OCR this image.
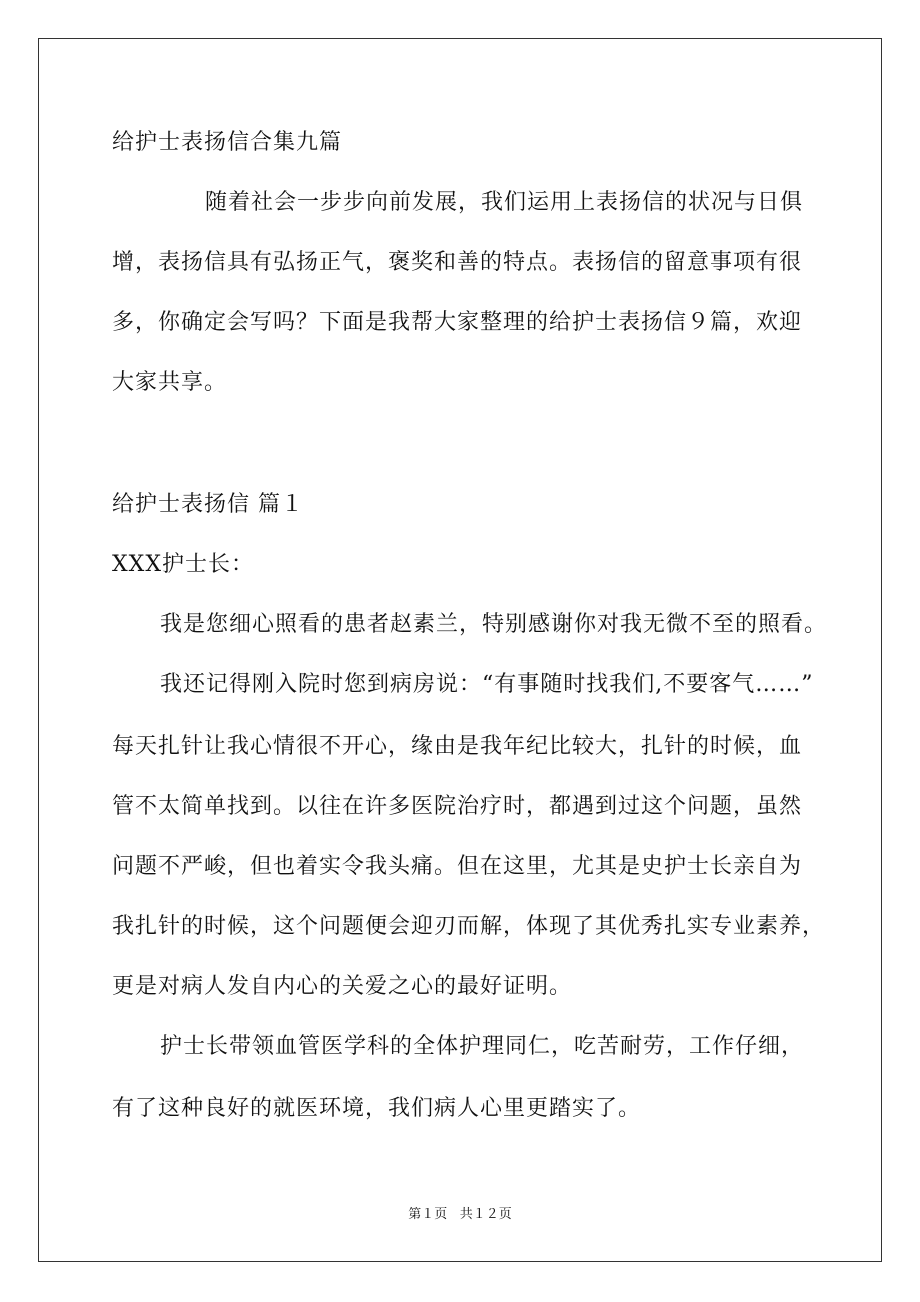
给护士表扬信合集九篇
随着社会一步步向前发展，我们运用上表扬信的状况与日俱
增，表扬信具有弘扬正气，褒奖和善的特点。表扬信的留意事项有很
多，你确定会写吗？下面是我帮大家整理的给护士表扬信９篇，欢迎
大家共享。
给护士表扬信 篇１
XXX护士长：
我是您细心照看的患者赵素兰，特别感谢你对我无微不至的照看。
我还记得刚入院时您到病房说：“有事随时找我们,不要客气……”
每天扎针让我心情很不开心，缘由是我年纪比较大，扎针的时候，血
管不太简单找到。以往在许多医院治疗时，都遇到过这个问题，虽然
问题不严峻，但也着实令我头痛。但在这里，尤其是史护士长亲自为
我扎针的时候，这个问题便会迎刃而解，体现了其优秀扎实专业素养，
更是对病人发自内心的关爱之心的最好证明。
护士长带领血管医学科的全体护理同仁，吃苦耐劳，工作仔细，
有了这种良好的就医环境，我们病人心里更踏实了。
第１页   共１２页
